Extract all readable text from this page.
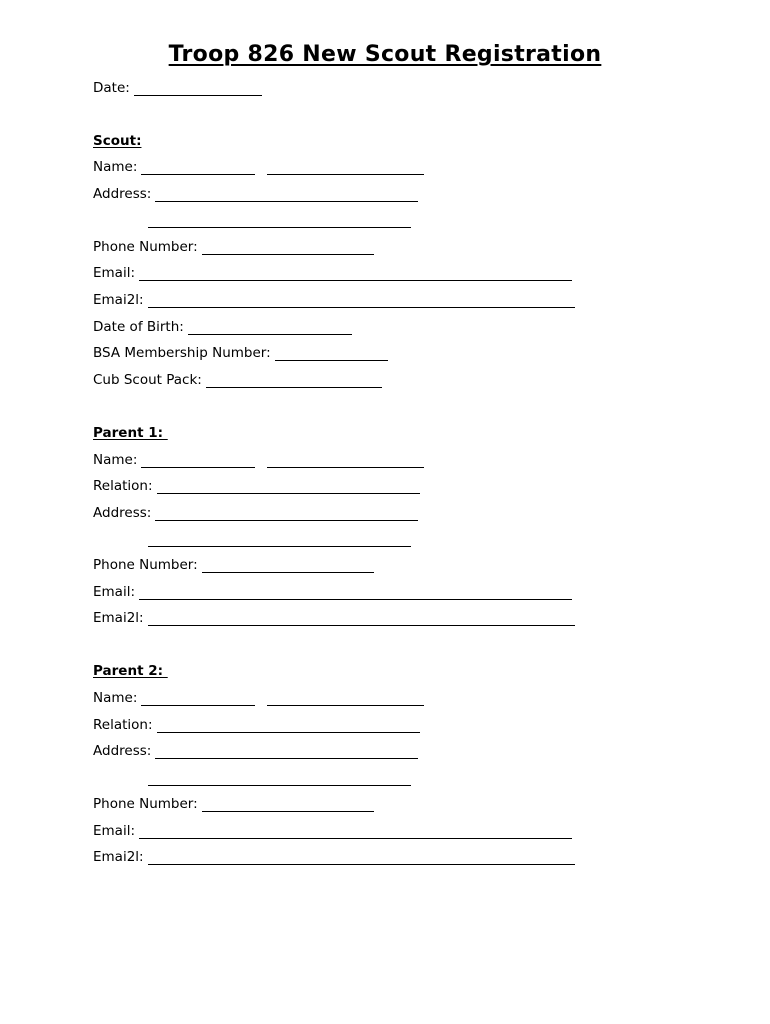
Troop 826 New Scout Registration
Date:
Scout:
Name:
Address:
Phone Number:
Email:
Emai2l:
Date of Birth:
BSA Membership Number:
Cub Scout Pack:
Parent 1:
Name:
Relation:
Address:
Phone Number:
Email:
Emai2l:
Parent 2:
Name:
Relation:
Address:
Phone Number:
Email:
Emai2l:
